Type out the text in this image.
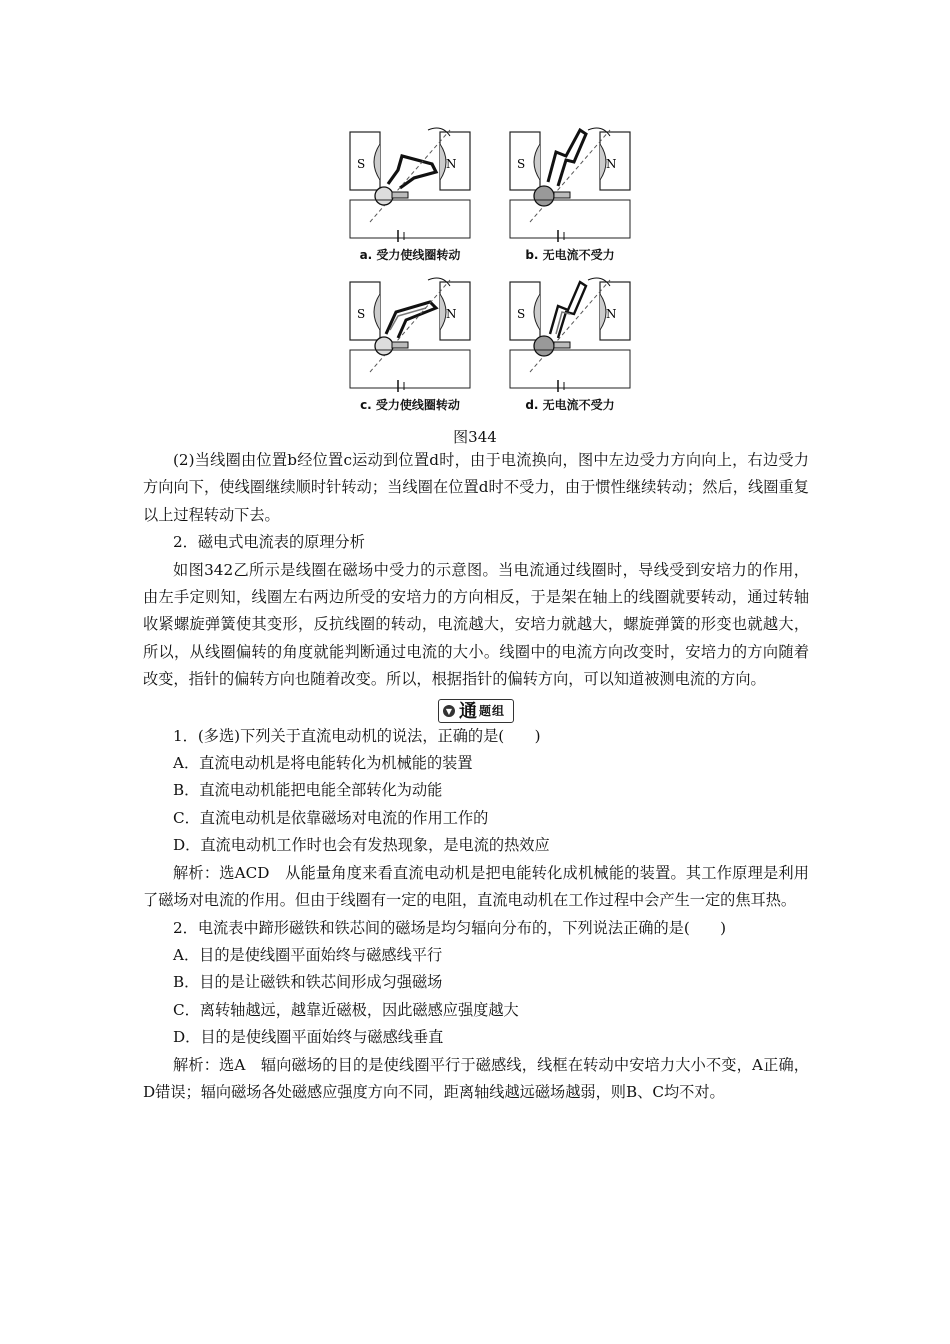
S	N
a. 受力使线圈转动
S	N
b. 无电流不受力
S	N
c. 受力使线圈转动
S	N
d. 无电流不受力
图344

(2)当线圈由位置b经位置c运动到位置d时，由于电流换向，图中左边受力方向向上，右边受力方向向下，使线圈继续顺时针转动；当线圈在位置d时不受力，由于惯性继续转动；然后，线圈重复以上过程转动下去。

2．磁电式电流表的原理分析

如图342乙所示是线圈在磁场中受力的示意图。当电流通过线圈时，导线受到安培力的作用，由左手定则知，线圈左右两边所受的安培力的方向相反，于是架在轴上的线圈就要转动，通过转轴收紧螺旋弹簧使其变形，反抗线圈的转动，电流越大，安培力就越大，螺旋弹簧的形变也就越大，所以，从线圈偏转的角度就能判断通过电流的大小。线圈中的电流方向改变时，安培力的方向随着改变，指针的偏转方向也随着改变。所以，根据指针的偏转方向，可以知道被测电流的方向。

▼ 通 题组

1．(多选)下列关于直流电动机的说法，正确的是(　　)

A．直流电动机是将电能转化为机械能的装置

B．直流电动机能把电能全部转化为动能

C．直流电动机是依靠磁场对电流的作用工作的

D．直流电动机工作时也会有发热现象，是电流的热效应

解析：选ACD　从能量角度来看直流电动机是把电能转化成机械能的装置。其工作原理是利用了磁场对电流的作用。但由于线圈有一定的电阻，直流电动机在工作过程中会产生一定的焦耳热。

2．电流表中蹄形磁铁和铁芯间的磁场是均匀辐向分布的，下列说法正确的是(　　)

A．目的是使线圈平面始终与磁感线平行

B．目的是让磁铁和铁芯间形成匀强磁场

C．离转轴越远，越靠近磁极，因此磁感应强度越大

D．目的是使线圈平面始终与磁感线垂直

解析：选A　辐向磁场的目的是使线圈平行于磁感线，线框在转动中安培力大小不变，A正确，D错误；辐向磁场各处磁感应强度方向不同，距离轴线越远磁场越弱，则B、C均不对。
